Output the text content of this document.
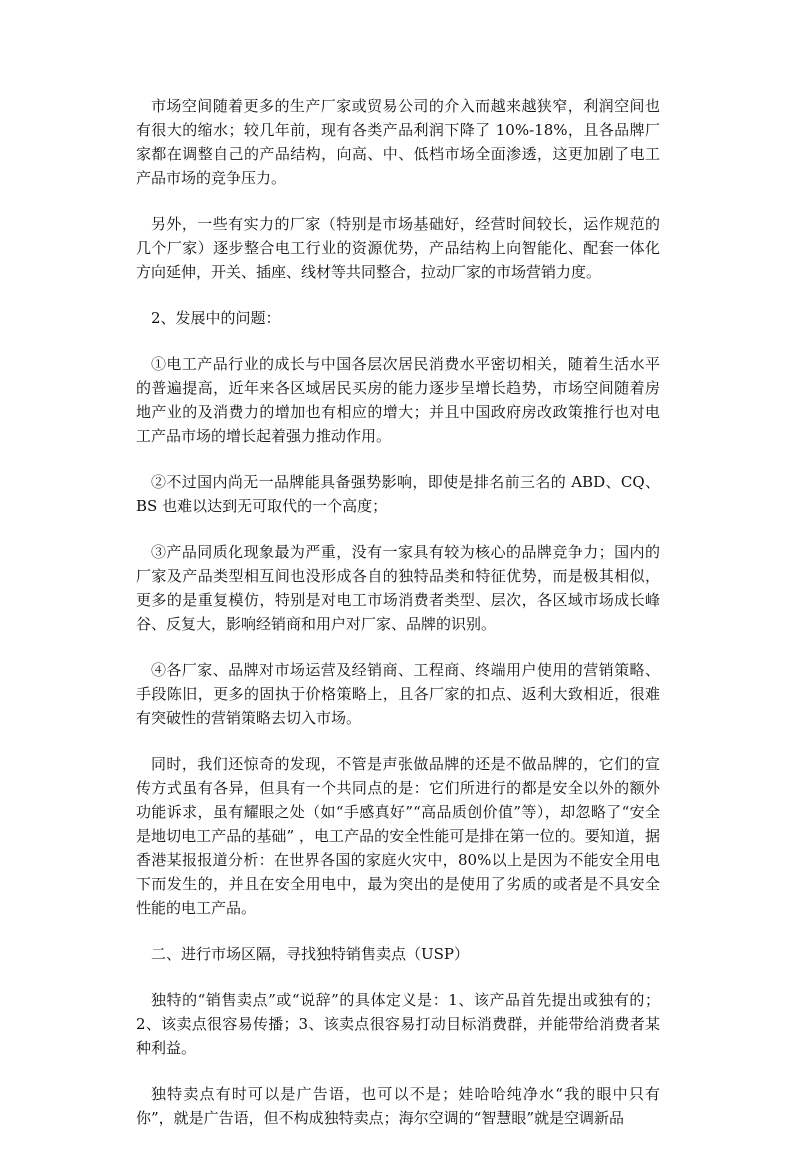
市场空间随着更多的生产厂家或贸易公司的介入而越来越狭窄，利润空间也有很大的缩水；较几年前，现有各类产品利润下降了 10%-18%，且各品牌厂家都在调整自己的产品结构，向高、中、低档市场全面渗透，这更加剧了电工产品市场的竞争压力。

另外，一些有实力的厂家（特别是市场基础好，经营时间较长，运作规范的几个厂家）逐步整合电工行业的资源优势，产品结构上向智能化、配套一体化方向延伸，开关、插座、线材等共同整合，拉动厂家的市场营销力度。

2、发展中的问题：

①电工产品行业的成长与中国各层次居民消费水平密切相关，随着生活水平的普遍提高，近年来各区域居民买房的能力逐步呈增长趋势，市场空间随着房地产业的及消费力的增加也有相应的增大；并且中国政府房改政策推行也对电工产品市场的增长起着强力推动作用。

②不过国内尚无一品牌能具备强势影响，即使是排名前三名的 ABD、CQ、BS 也难以达到无可取代的一个高度；

③产品同质化现象最为严重，没有一家具有较为核心的品牌竞争力；国内的厂家及产品类型相互间也没形成各自的独特品类和特征优势，而是极其相似，更多的是重复模仿，特别是对电工市场消费者类型、层次，各区域市场成长峰谷、反复大，影响经销商和用户对厂家、品牌的识别。

④各厂家、品牌对市场运营及经销商、工程商、终端用户使用的营销策略、手段陈旧，更多的固执于价格策略上，且各厂家的扣点、返利大致相近，很难有突破性的营销策略去切入市场。

同时，我们还惊奇的发现，不管是声张做品牌的还是不做品牌的，它们的宣传方式虽有各异，但具有一个共同点的是：它们所进行的都是安全以外的额外功能诉求，虽有耀眼之处（如“手感真好”“高品质创价值”等），却忽略了“安全是地切电工产品的基础” ，电工产品的安全性能可是排在第一位的。要知道，据香港某报报道分析：在世界各国的家庭火灾中，80%以上是因为不能安全用电下而发生的，并且在安全用电中，最为突出的是使用了劣质的或者是不具安全性能的电工产品。

二、进行市场区隔，寻找独特销售卖点（USP）

独特的“销售卖点”或“说辞”的具体定义是：1、该产品首先提出或独有的； 2、该卖点很容易传播；3、该卖点很容易打动目标消费群，并能带给消费者某种利益。

独特卖点有时可以是广告语，也可以不是；娃哈哈纯净水“我的眼中只有你”，就是广告语，但不构成独特卖点；海尔空调的“智慧眼”就是空调新品
